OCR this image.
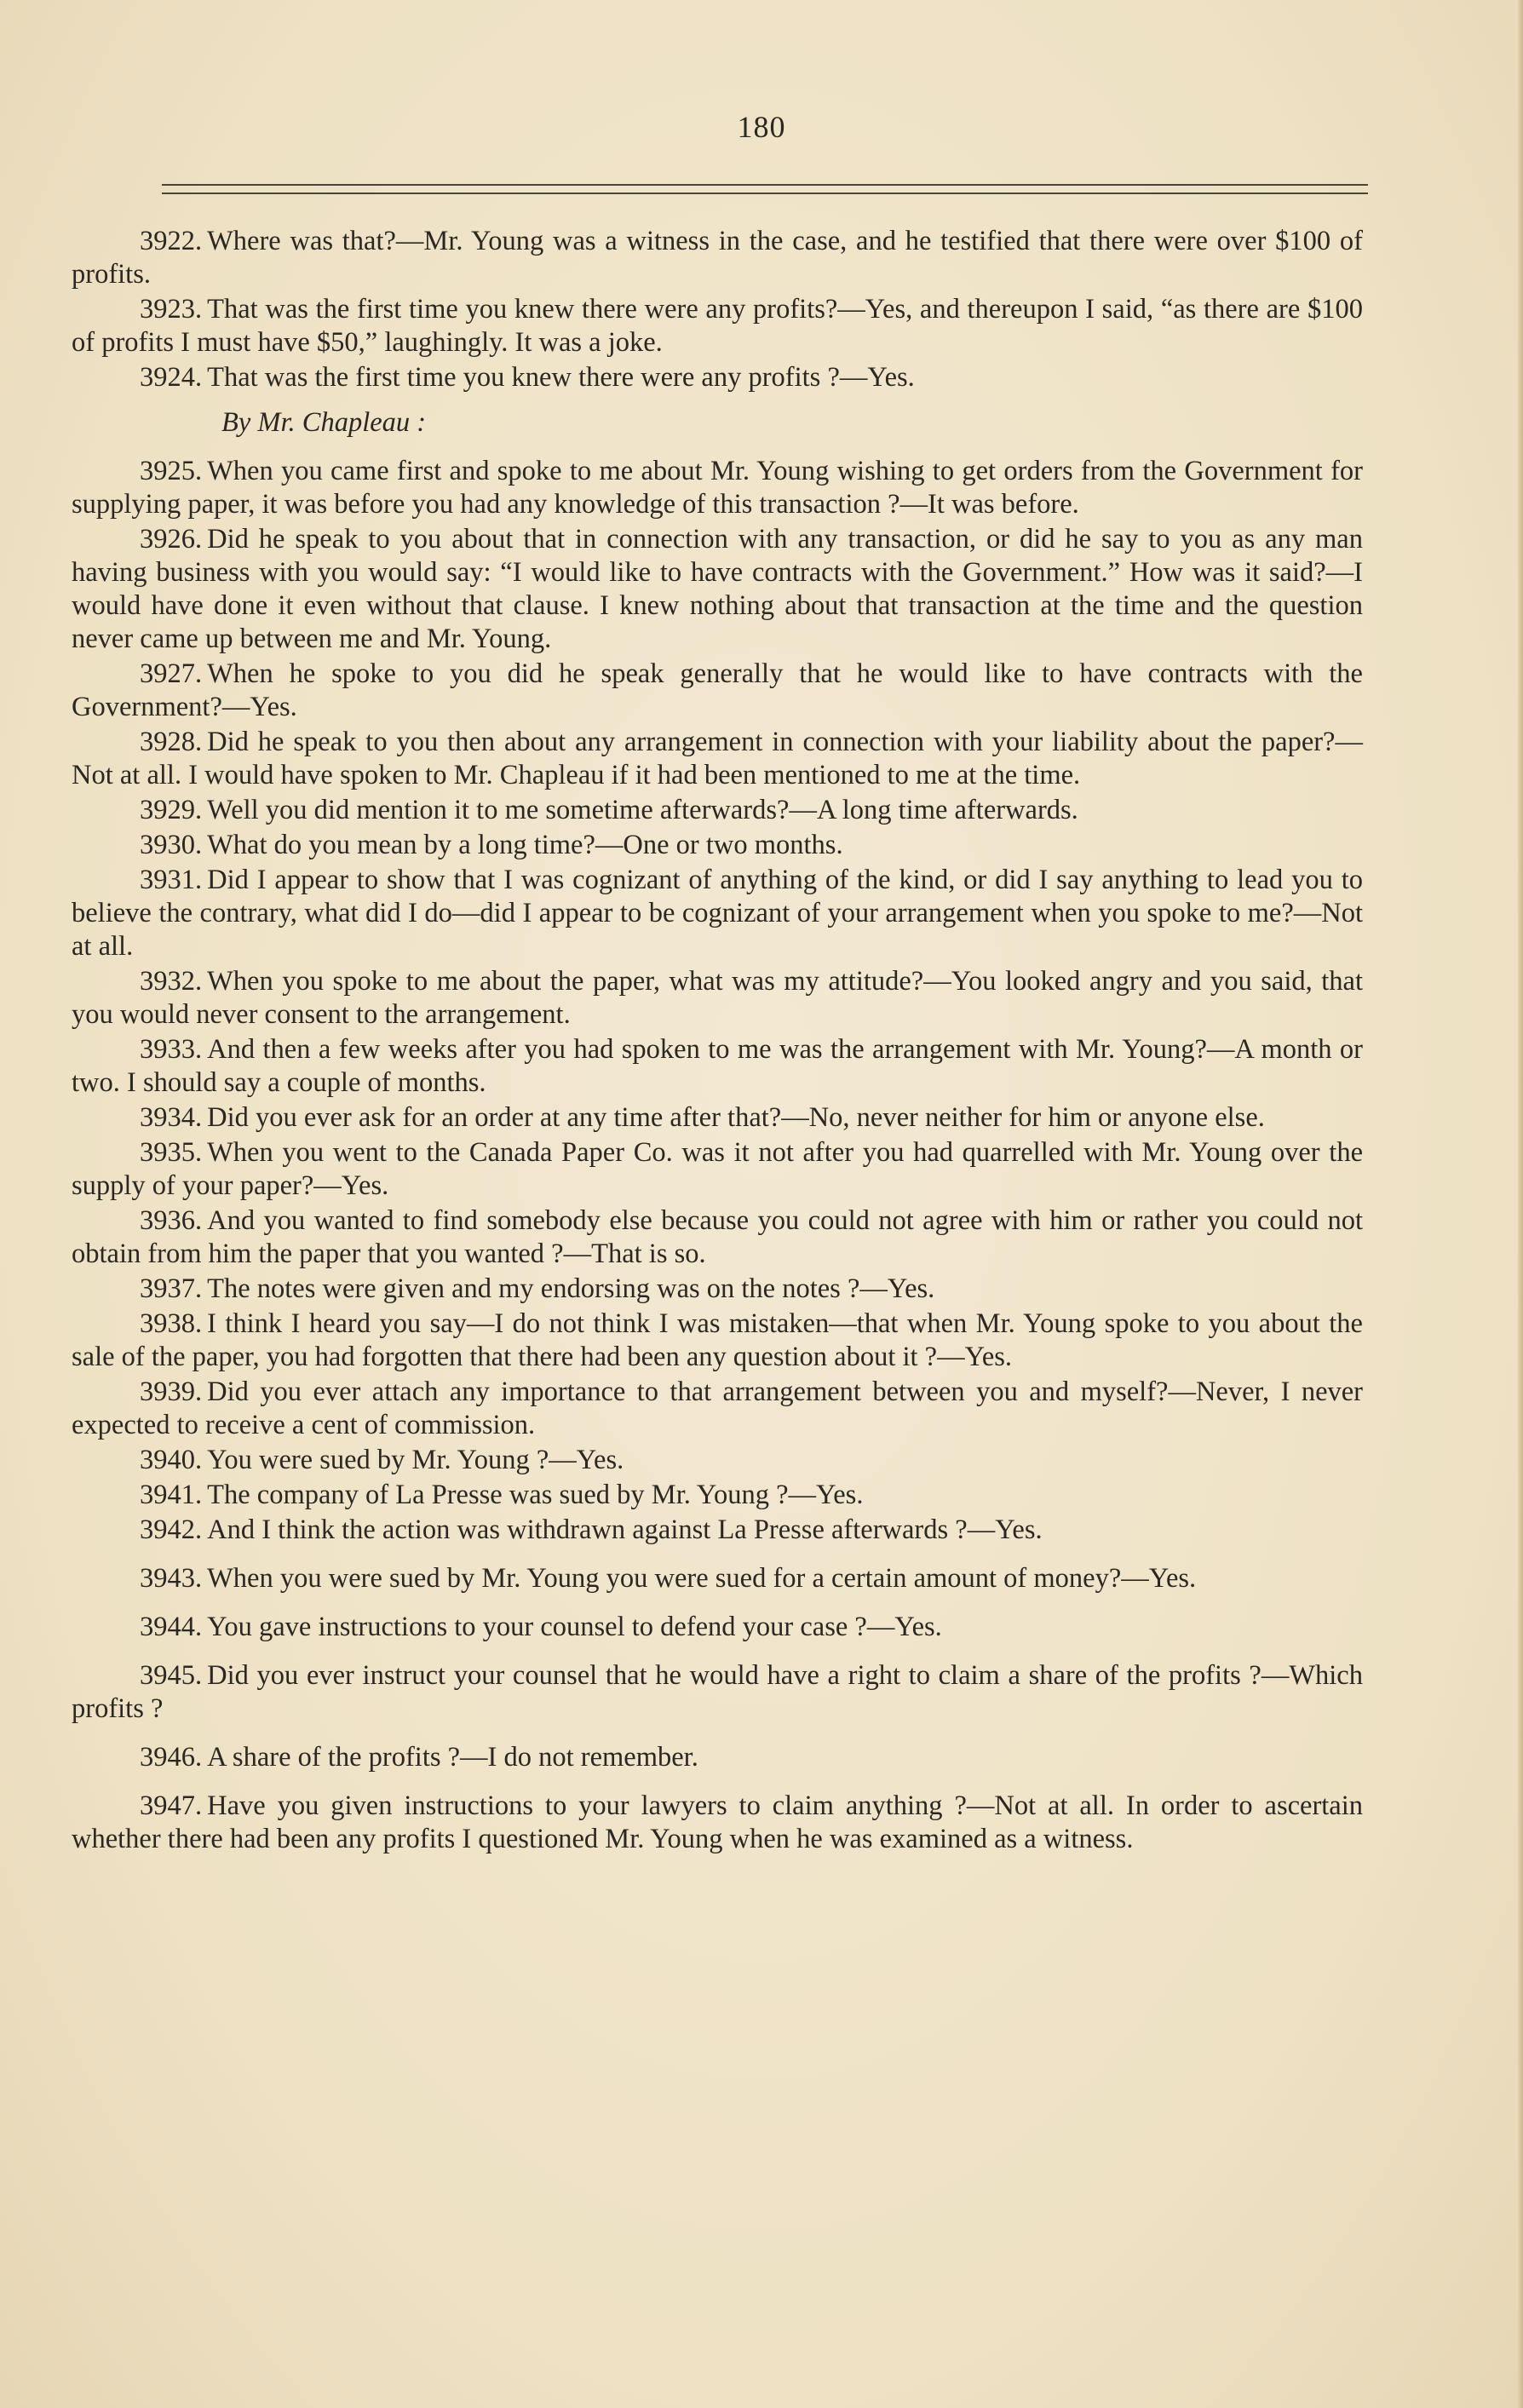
180

3922. Where was that?—Mr. Young was a witness in the case, and he testified that there were over $100 of profits.

3923. That was the first time you knew there were any profits?—Yes, and thereupon I said, “as there are $100 of profits I must have $50,” laughingly. It was a joke.

3924. That was the first time you knew there were any profits ?—Yes.

By Mr. Chapleau :

3925. When you came first and spoke to me about Mr. Young wishing to get orders from the Government for supplying paper, it was before you had any knowledge of this transaction ?—It was before.

3926. Did he speak to you about that in connection with any transaction, or did he say to you as any man having business with you would say: “I would like to have contracts with the Government.” How was it said?—I would have done it even without that clause. I knew nothing about that transaction at the time and the question never came up between me and Mr. Young.

3927. When he spoke to you did he speak generally that he would like to have contracts with the Government?—Yes.

3928. Did he speak to you then about any arrangement in connection with your liability about the paper?—Not at all. I would have spoken to Mr. Chapleau if it had been mentioned to me at the time.

3929. Well you did mention it to me sometime afterwards?—A long time afterwards.

3930. What do you mean by a long time?—One or two months.

3931. Did I appear to show that I was cognizant of anything of the kind, or did I say anything to lead you to believe the contrary, what did I do—did I appear to be cognizant of your arrangement when you spoke to me?—Not at all.

3932. When you spoke to me about the paper, what was my attitude?—You looked angry and you said, that you would never consent to the arrangement.

3933. And then a few weeks after you had spoken to me was the arrangement with Mr. Young?—A month or two. I should say a couple of months.

3934. Did you ever ask for an order at any time after that?—No, never neither for him or anyone else.

3935. When you went to the Canada Paper Co. was it not after you had quarrelled with Mr. Young over the supply of your paper?—Yes.

3936. And you wanted to find somebody else because you could not agree with him or rather you could not obtain from him the paper that you wanted ?—That is so.

3937. The notes were given and my endorsing was on the notes ?—Yes.

3938. I think I heard you say—I do not think I was mistaken—that when Mr. Young spoke to you about the sale of the paper, you had forgotten that there had been any question about it ?—Yes.

3939. Did you ever attach any importance to that arrangement between you and myself?—Never, I never expected to receive a cent of commission.

3940. You were sued by Mr. Young ?—Yes.

3941. The company of La Presse was sued by Mr. Young ?—Yes.

3942. And I think the action was withdrawn against La Presse afterwards ?—Yes.

3943. When you were sued by Mr. Young you were sued for a certain amount of money?—Yes.

3944. You gave instructions to your counsel to defend your case ?—Yes.

3945. Did you ever instruct your counsel that he would have a right to claim a share of the profits ?—Which profits ?

3946. A share of the profits ?—I do not remember.

3947. Have you given instructions to your lawyers to claim anything ?—Not at all. In order to ascertain whether there had been any profits I questioned Mr. Young when he was examined as a witness.
